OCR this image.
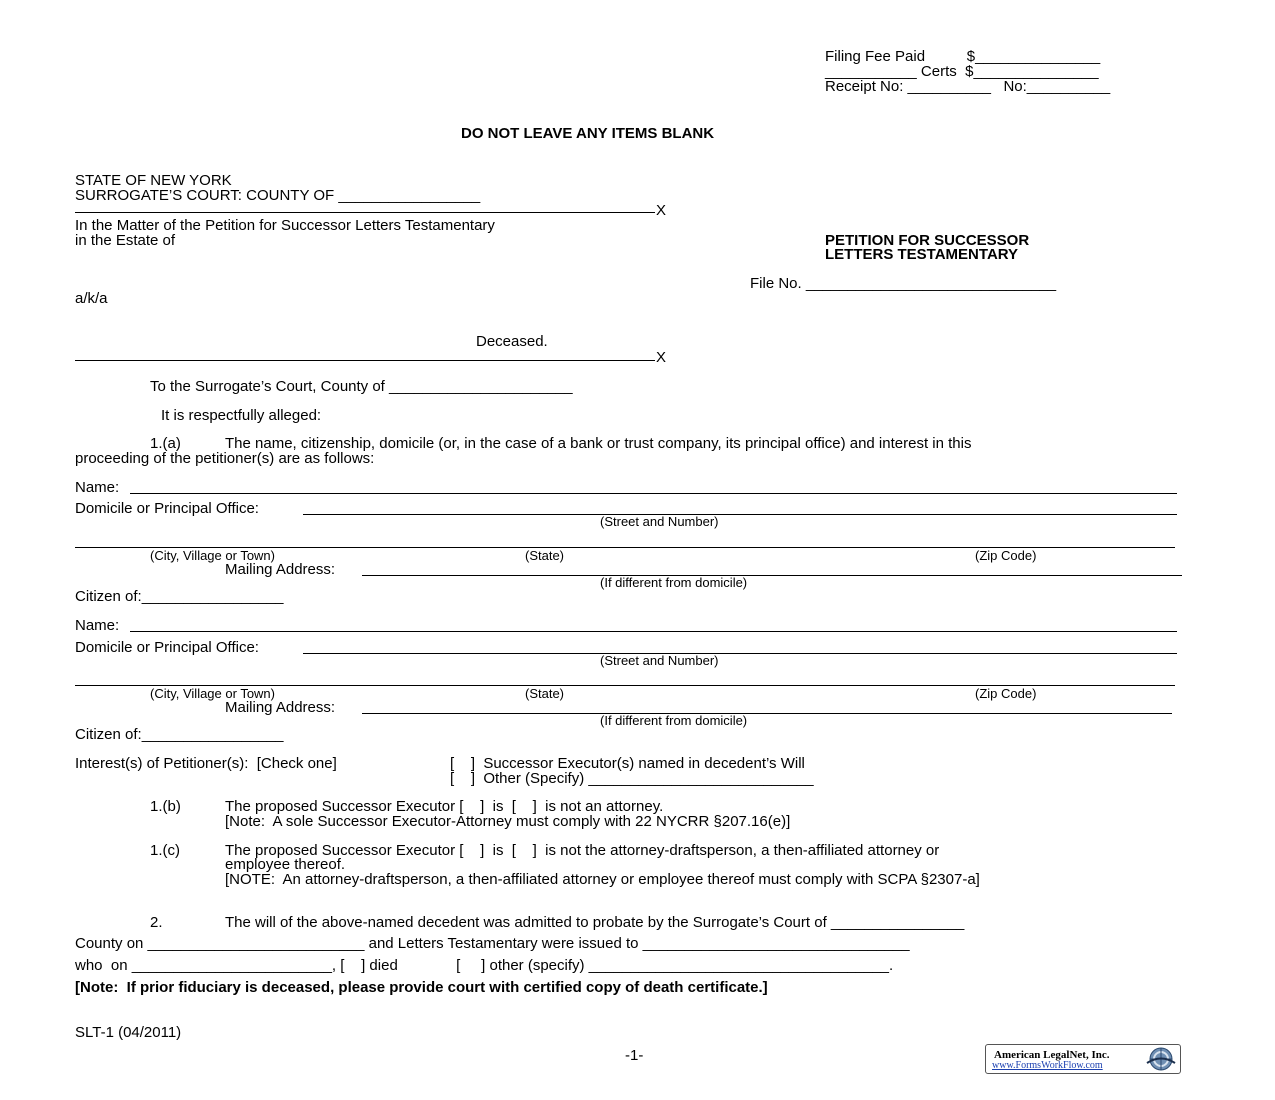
Filing Fee Paid          $_______________
___________ Certs  $_______________
Receipt No: __________   No:__________
DO NOT LEAVE ANY ITEMS BLANK
STATE OF NEW YORK
SURROGATE’S COURT: COUNTY OF _________________
X
In the Matter of the Petition for Successor Letters Testamentary
in the Estate of
a/k/a
Deceased.
X
PETITION FOR SUCCESSOR
LETTERS TESTAMENTARY
File No. ______________________________
To the Surrogate’s Court, County of ______________________
It is respectfully alleged:
1.(a)	The name, citizenship, domicile (or, in the case of a bank or trust company, its principal office) and interest in this
proceeding of the petitioner(s) are as follows:
Name:
Domicile or Principal Office:
(Street and Number)
(City, Village or Town)	(State)	(Zip Code)
Mailing Address:
(If different from domicile)
Citizen of:_________________
Name:
Domicile or Principal Office:
(Street and Number)
(City, Village or Town)	(State)	(Zip Code)
Mailing Address:
(If different from domicile)
Citizen of:_________________
Interest(s) of Petitioner(s):  [Check one]	[    ]  Successor Executor(s) named in decedent’s Will
[    ]  Other (Specify) ___________________________
1.(b)	The proposed Successor Executor [    ]  is  [    ]  is not an attorney.
[Note:  A sole Successor Executor-Attorney must comply with 22 NYCRR §207.16(e)]
1.(c)	The proposed Successor Executor [    ]  is  [    ]  is not the attorney-draftsperson, a then-affiliated attorney or
employee thereof.
[NOTE:  An attorney-draftsperson, a then-affiliated attorney or employee thereof must comply with SCPA §2307-a]
2.	The will of the above-named decedent was admitted to probate by the Surrogate’s Court of ________________
County on __________________________ and Letters Testamentary were issued to ________________________________
who  on ________________________, [    ] died              [     ] other (specify) ____________________________________.
[Note:  If prior fiduciary is deceased, please provide court with certified copy of death certificate.]
SLT-1 (04/2011)
-1-	American LegalNet, Inc.
www.FormsWorkFlow.com
